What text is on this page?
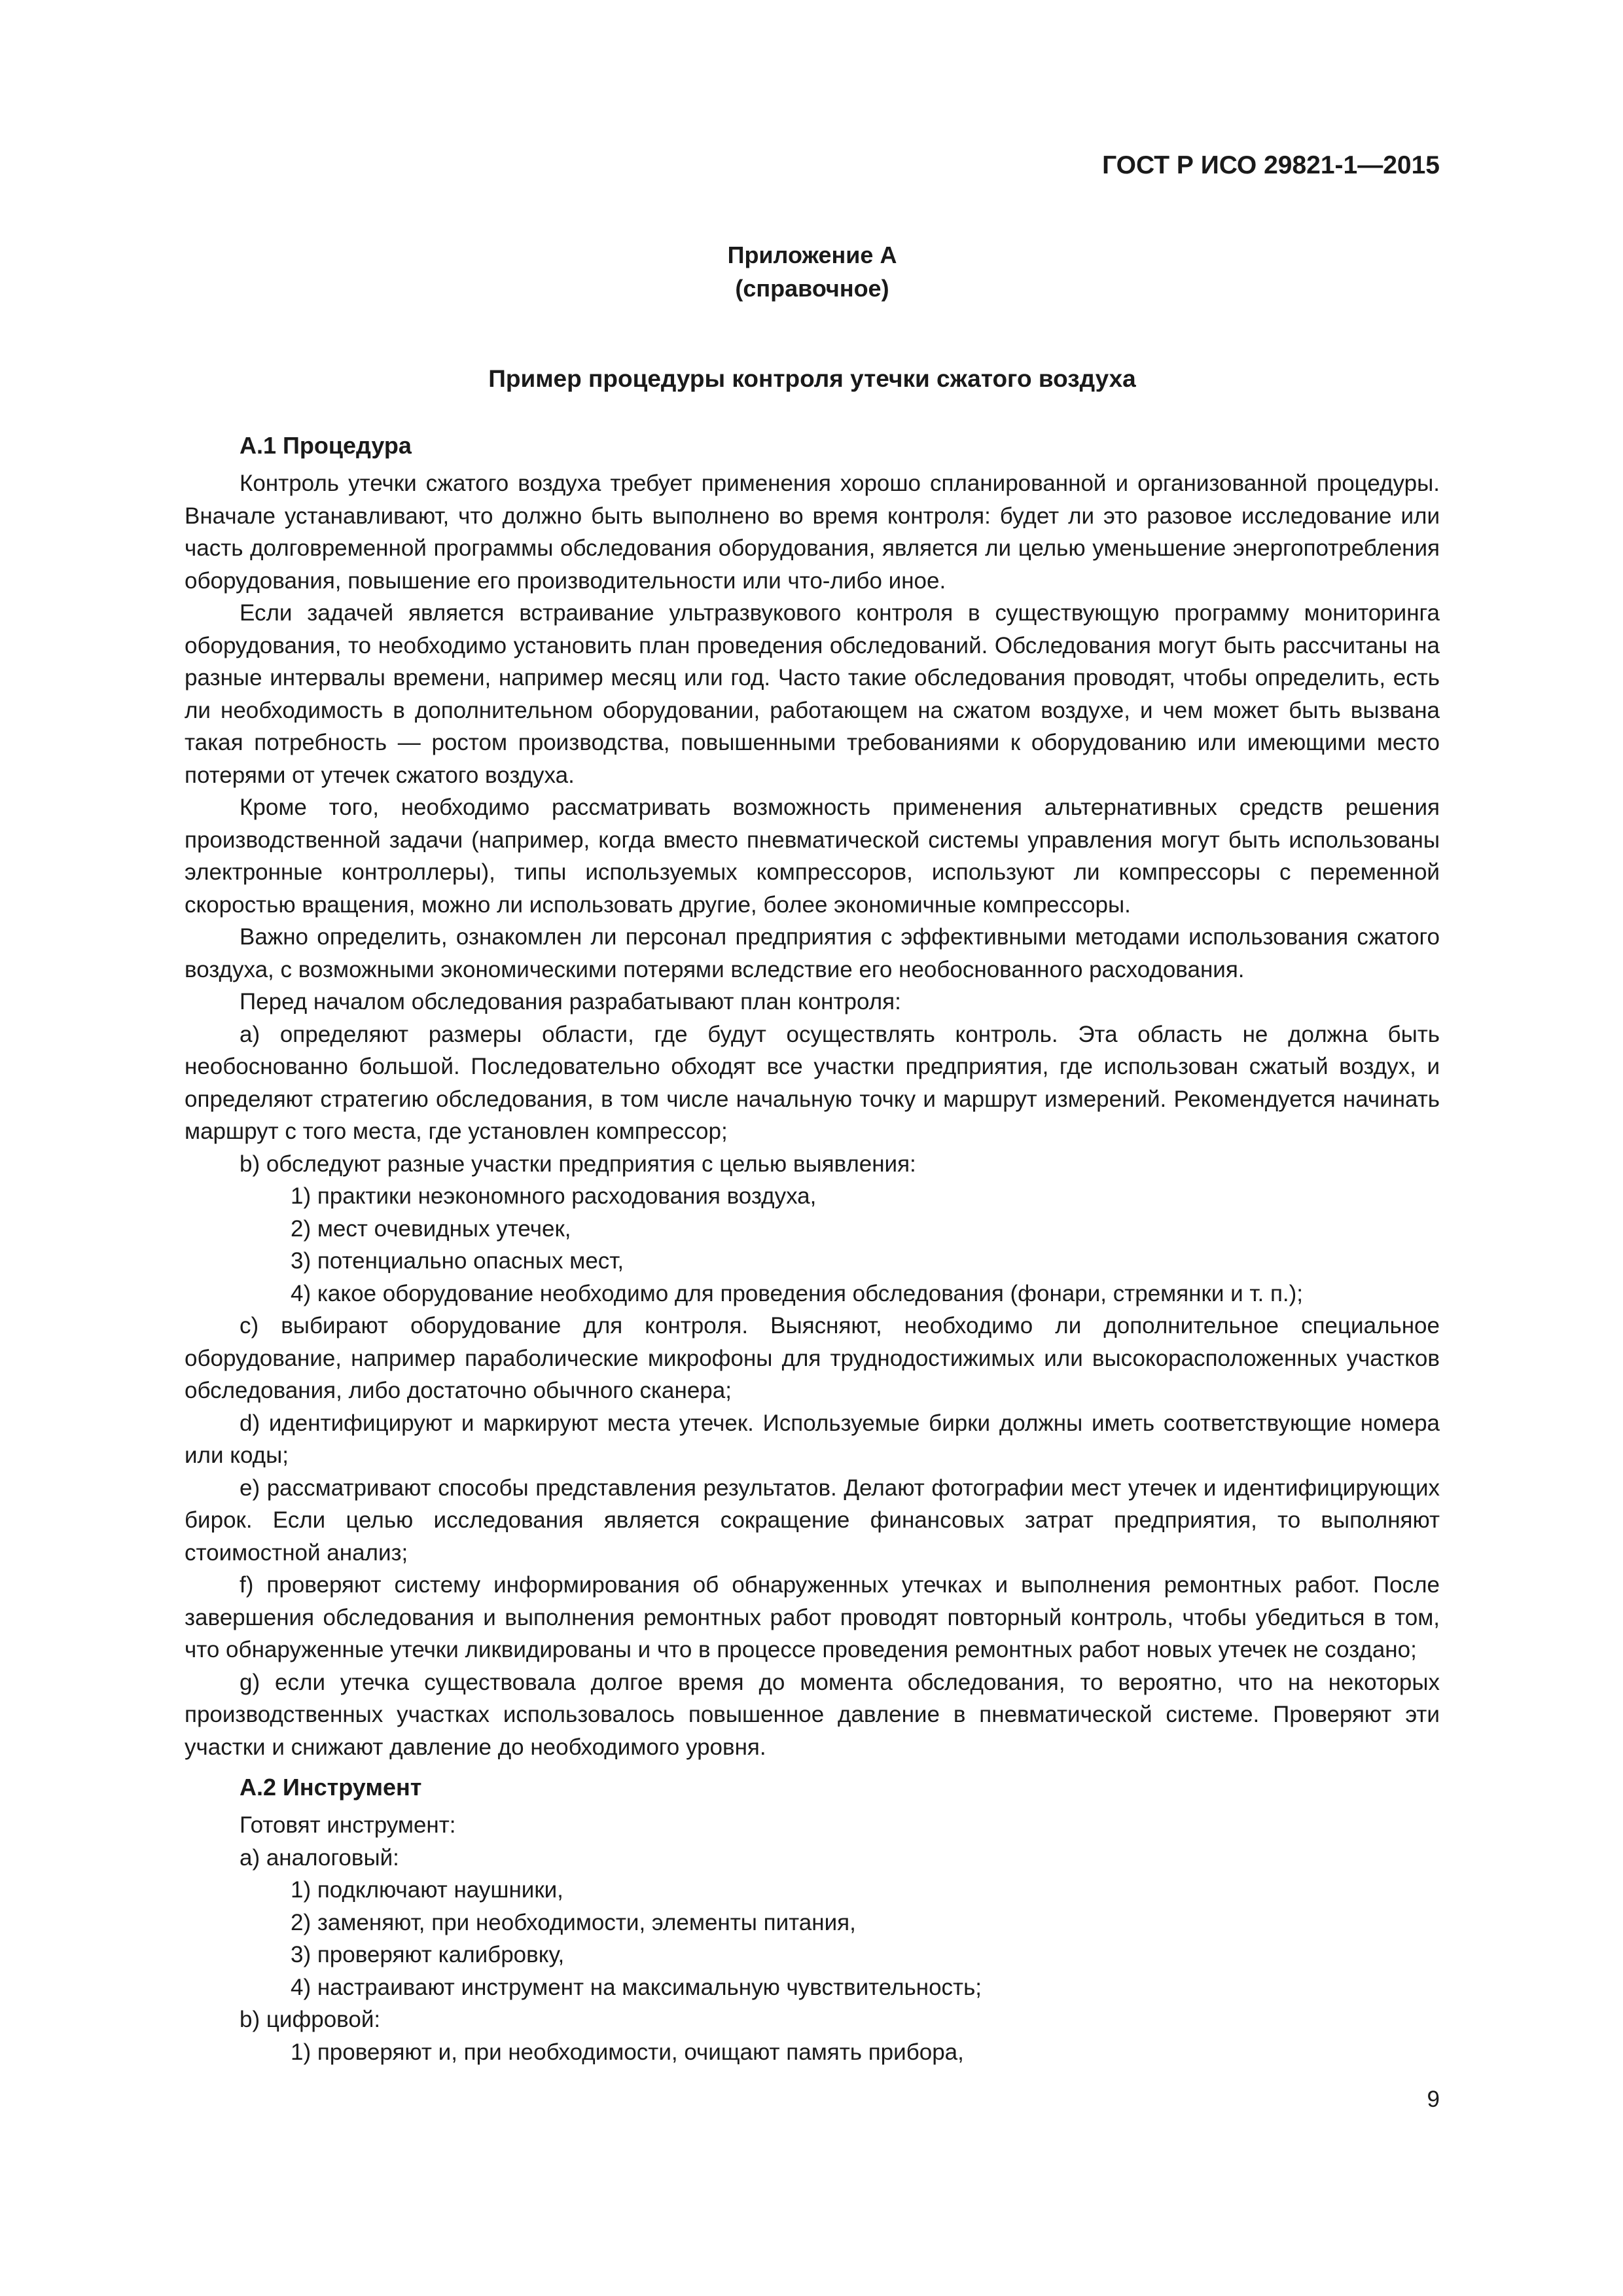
ГОСТ Р ИСО 29821-1—2015
Приложение А
(справочное)
Пример процедуры контроля утечки сжатого воздуха
А.1 Процедура

Контроль утечки сжатого воздуха требует применения хорошо спланированной и организованной процедуры. Вначале устанавливают, что должно быть выполнено во время контроля: будет ли это разовое исследование или часть долговременной программы обследования оборудования, является ли целью уменьшение энергопотребления оборудования, повышение его производительности или что-либо иное.

Если задачей является встраивание ультразвукового контроля в существующую программу мониторинга оборудования, то необходимо установить план проведения обследований. Обследования могут быть рассчитаны на разные интервалы времени, например месяц или год. Часто такие обследования проводят, чтобы определить, есть ли необходимость в дополнительном оборудовании, работающем на сжатом воздухе, и чем может быть вызвана такая потребность — ростом производства, повышенными требованиями к оборудованию или имеющими место потерями от утечек сжатого воздуха.

Кроме того, необходимо рассматривать возможность применения альтернативных средств решения производственной задачи (например, когда вместо пневматической системы управления могут быть использованы электронные контроллеры), типы используемых компрессоров, используют ли компрессоры с переменной скоростью вращения, можно ли использовать другие, более экономичные компрессоры.

Важно определить, ознакомлен ли персонал предприятия с эффективными методами использования сжатого воздуха, с возможными экономическими потерями вследствие его необоснованного расходования.

Перед началом обследования разрабатывают план контроля:

а) определяют размеры области, где будут осуществлять контроль. Эта область не должна быть необоснованно большой. Последовательно обходят все участки предприятия, где использован сжатый воздух, и определяют стратегию обследования, в том числе начальную точку и маршрут измерений. Рекомендуется начинать маршрут с того места, где установлен компрессор;

b) обследуют разные участки предприятия с целью выявления:

1) практики неэкономного расходования воздуха,

2) мест очевидных утечек,

3) потенциально опасных мест,

4) какое оборудование необходимо для проведения обследования (фонари, стремянки и т. п.);

с) выбирают оборудование для контроля. Выясняют, необходимо ли дополнительное специальное оборудование, например параболические микрофоны для труднодостижимых или высокорасположенных участков обследования, либо достаточно обычного сканера;

d) идентифицируют и маркируют места утечек. Используемые бирки должны иметь соответствующие номера или коды;

е) рассматривают способы представления результатов. Делают фотографии мест утечек и идентифицирующих бирок. Если целью исследования является сокращение финансовых затрат предприятия, то выполняют стоимостной анализ;

f) проверяют систему информирования об обнаруженных утечках и выполнения ремонтных работ. После завершения обследования и выполнения ремонтных работ проводят повторный контроль, чтобы убедиться в том, что обнаруженные утечки ликвидированы и что в процессе проведения ремонтных работ новых утечек не создано;

g) если утечка существовала долгое время до момента обследования, то вероятно, что на некоторых производственных участках использовалось повышенное давление в пневматической системе. Проверяют эти участки и снижают давление до необходимого уровня.

А.2 Инструмент

Готовят инструмент:

а) аналоговый:

1) подключают наушники,

2) заменяют, при необходимости, элементы питания,

3) проверяют калибровку,

4) настраивают инструмент на максимальную чувствительность;

b) цифровой:

1) проверяют и, при необходимости, очищают память прибора,

9
